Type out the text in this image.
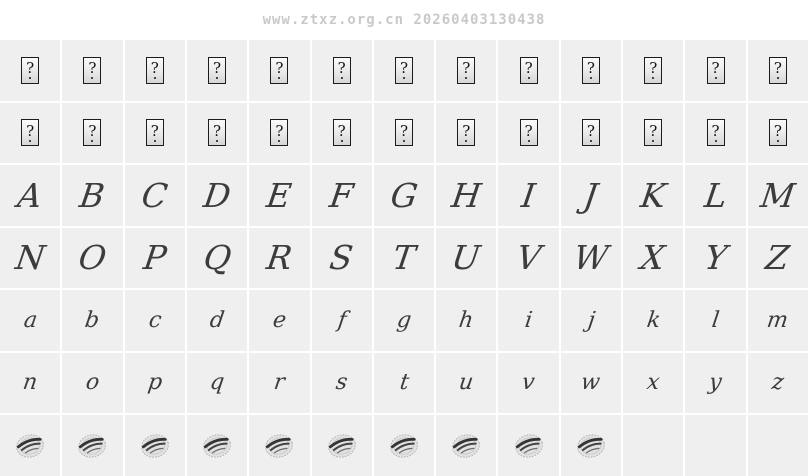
www.ztxz.org.cn 20260403130438
?	?	?	?	?	?	?	?	?	?	?	?	?
?	?	?	?	?	?	?	?	?	?	?	?	?
A B C D E F G H I J K L M
N O P Q R S T U V W X Y Z
a b c d e f g h i j k l m
n o p q r s t u v w x y z
